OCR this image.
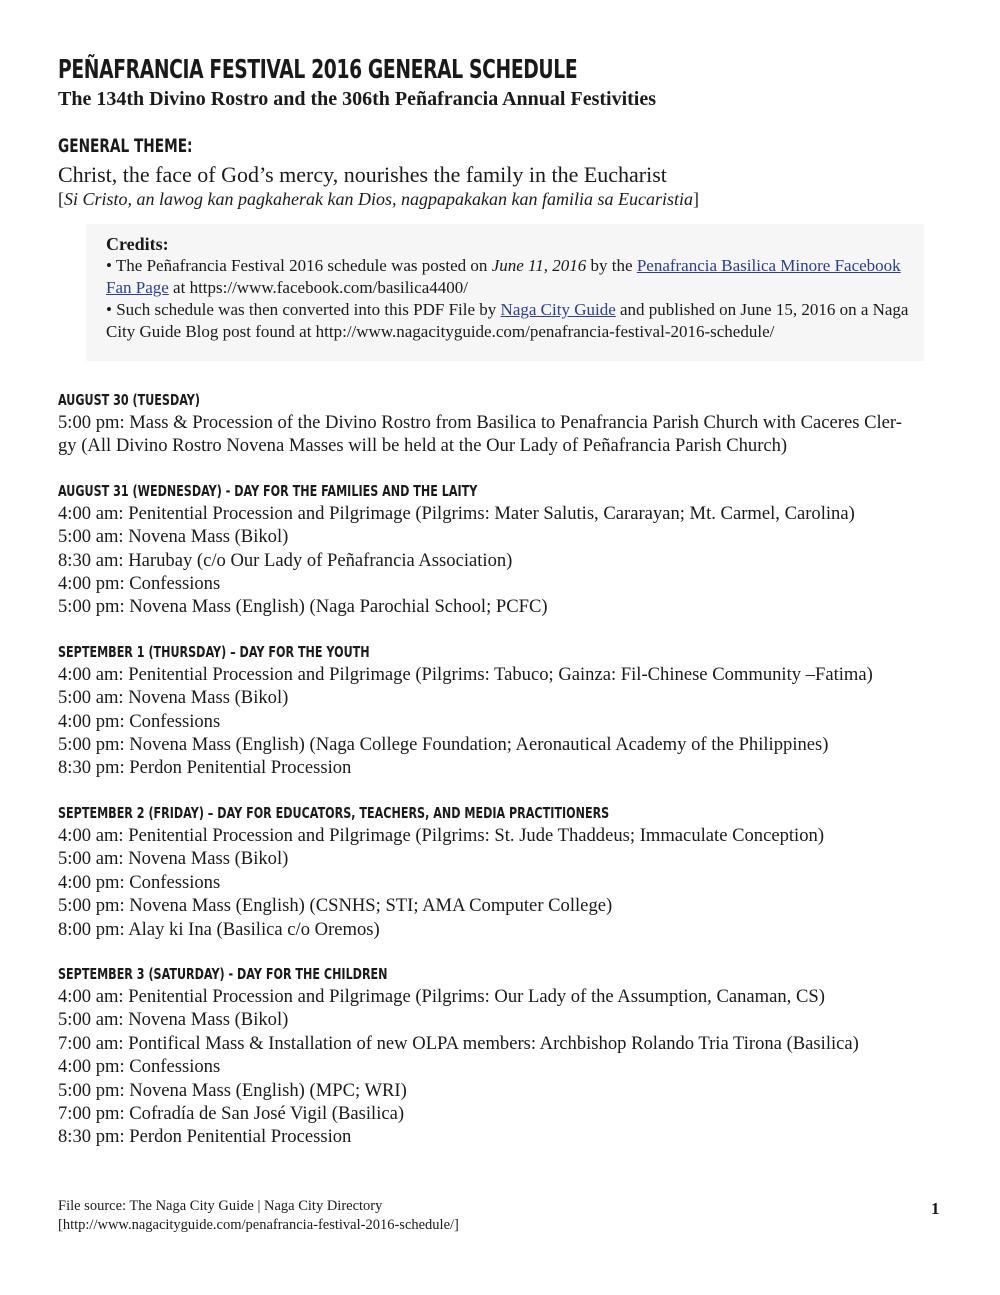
PEÑAFRANCIA FESTIVAL 2016 GENERAL SCHEDULE
The 134th Divino Rostro and the 306th Peñafrancia Annual Festivities
GENERAL THEME:
Christ, the face of God’s mercy, nourishes the family in the Eucharist
[Si Cristo, an lawog kan pagkaherak kan Dios, nagpapakakan kan familia sa Eucaristia]
Credits:
• The Peñafrancia Festival 2016 schedule was posted on June 11, 2016 by the Penafrancia Basilica Minore Facebook Fan Page at https://www.facebook.com/basilica4400/
• Such schedule was then converted into this PDF File by Naga City Guide and published on June 15, 2016 on a Naga City Guide Blog post found at http://www.nagacityguide.com/penafrancia-festival-2016-schedule/
AUGUST 30 (TUESDAY)
5:00 pm: Mass & Procession of the Divino Rostro from Basilica to Penafrancia Parish Church with Caceres Cler-
gy (All Divino Rostro Novena Masses will be held at the Our Lady of Peñafrancia Parish Church)
AUGUST 31 (WEDNESDAY) - DAY FOR THE FAMILIES AND THE LAITY
4:00 am: Penitential Procession and Pilgrimage (Pilgrims: Mater Salutis, Cararayan; Mt. Carmel, Carolina)
5:00 am: Novena Mass (Bikol)
8:30 am: Harubay (c/o Our Lady of Peñafrancia Association)
4:00 pm: Confessions
5:00 pm: Novena Mass (English) (Naga Parochial School; PCFC)
SEPTEMBER 1 (THURSDAY) – DAY FOR THE YOUTH
4:00 am: Penitential Procession and Pilgrimage (Pilgrims: Tabuco; Gainza: Fil-Chinese Community –Fatima)
5:00 am: Novena Mass (Bikol)
4:00 pm: Confessions
5:00 pm: Novena Mass (English) (Naga College Foundation; Aeronautical Academy of the Philippines)
8:30 pm: Perdon Penitential Procession
SEPTEMBER 2 (FRIDAY) – DAY FOR EDUCATORS, TEACHERS, AND MEDIA PRACTITIONERS
4:00 am: Penitential Procession and Pilgrimage (Pilgrims: St. Jude Thaddeus; Immaculate Conception)
5:00 am: Novena Mass (Bikol)
4:00 pm: Confessions
5:00 pm: Novena Mass (English) (CSNHS; STI; AMA Computer College)
8:00 pm: Alay ki Ina (Basilica c/o Oremos)
SEPTEMBER 3 (SATURDAY) - DAY FOR THE CHILDREN
4:00 am: Penitential Procession and Pilgrimage (Pilgrims: Our Lady of the Assumption, Canaman, CS)
5:00 am: Novena Mass (Bikol)
7:00 am: Pontifical Mass & Installation of new OLPA members: Archbishop Rolando Tria Tirona (Basilica)
4:00 pm: Confessions
5:00 pm: Novena Mass (English) (MPC; WRI)
7:00 pm: Cofradía de San José Vigil (Basilica)
8:30 pm: Perdon Penitential Procession
File source: The Naga City Guide | Naga City Directory
[http://www.nagacityguide.com/penafrancia-festival-2016-schedule/]
1
